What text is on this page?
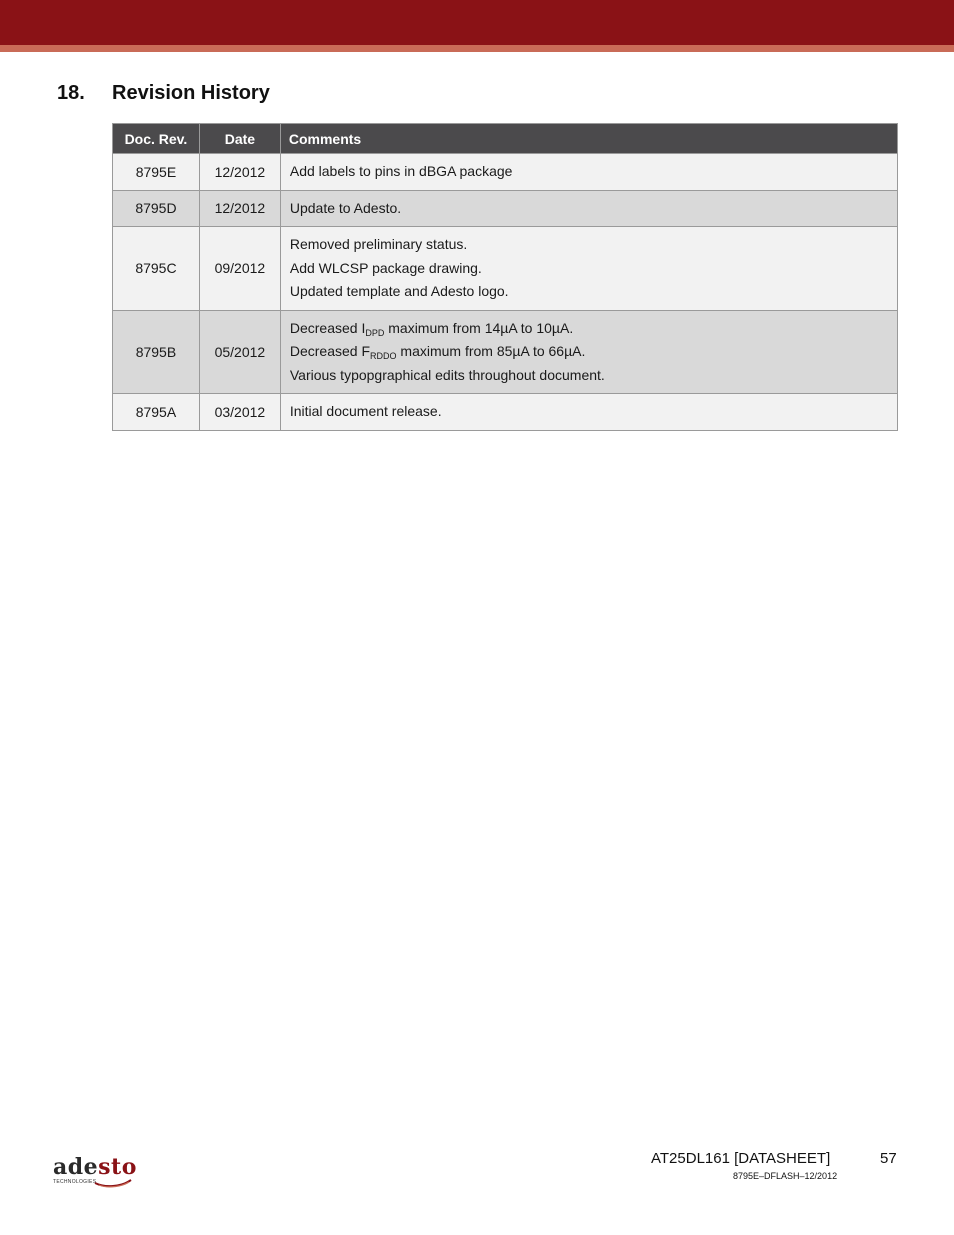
18. Revision History
Doc. Rev.	Date	Comments
8795E	12/2012	Add labels to pins in dBGA package

8795D	12/2012	Update to Adesto.

8795C	09/2012	Removed preliminary status.
Add WLCSP package drawing.
Updated template and Adesto logo.

8795B	05/2012	Decreased $I_{DPD}$ maximum from 14µA to 10µA.
Decreased $F_{RDDO}$ maximum from 85µA to 66µA.
Various typopgraphical edits throughout document.

8795A	03/2012	Initial document release.
adesto
TECHNOLOGIES
AT25DL161 [DATASHEET]	57
8795E–DFLASH–12/2012
